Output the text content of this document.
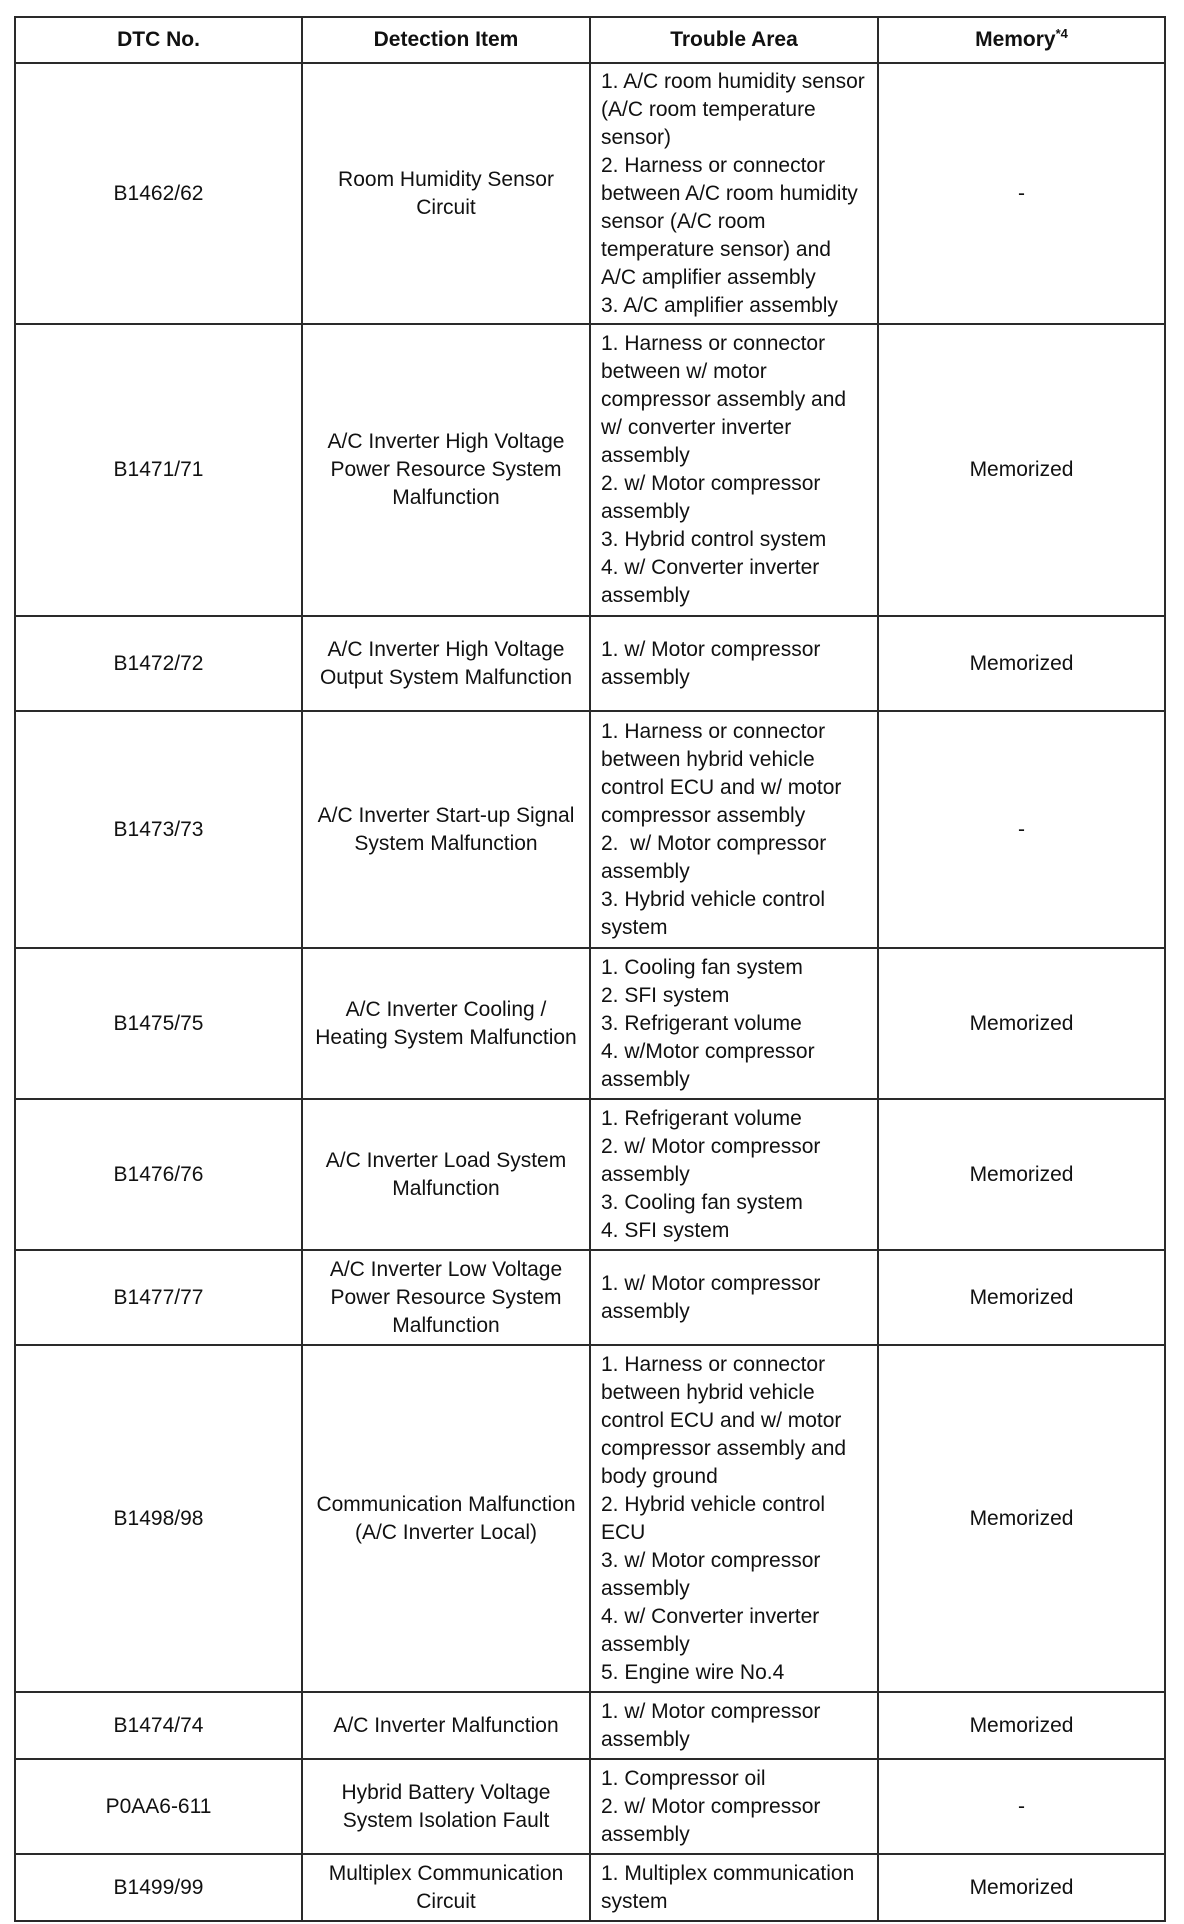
DTC No.	Detection Item	Trouble Area	Memory$^{*4}$
B1462/62	Room Humidity Sensor Circuit	1. A/C room humidity sensor (A/C room temperature sensor)
2. Harness or connector between A/C room humidity sensor (A/C room temperature sensor) and A/C amplifier assembly
3. A/C amplifier assembly	-
B1471/71	A/C Inverter High Voltage Power Resource System Malfunction	1. Harness or connector between w/ motor compressor assembly and w/ converter inverter assembly
2. w/ Motor compressor assembly
3. Hybrid control system
4. w/ Converter inverter assembly	Memorized
B1472/72	A/C Inverter High Voltage Output System Malfunction	1. w/ Motor compressor assembly	Memorized
B1473/73	A/C Inverter Start-up Signal System Malfunction	1. Harness or connector between hybrid vehicle control ECU and w/ motor compressor assembly
2.  w/ Motor compressor assembly
3. Hybrid vehicle control system	-
B1475/75	A/C Inverter Cooling / Heating System Malfunction	1. Cooling fan system
2. SFI system
3. Refrigerant volume
4. w/Motor compressor assembly	Memorized
B1476/76	A/C Inverter Load System Malfunction	1. Refrigerant volume
2. w/ Motor compressor assembly
3. Cooling fan system
4. SFI system	Memorized
B1477/77	A/C Inverter Low Voltage Power Resource System Malfunction	1. w/ Motor compressor assembly	Memorized
B1498/98	Communication Malfunction (A/C Inverter Local)	1. Harness or connector between hybrid vehicle control ECU and w/ motor compressor assembly and body ground
2. Hybrid vehicle control ECU
3. w/ Motor compressor assembly
4. w/ Converter inverter assembly
5. Engine wire No.4	Memorized
B1474/74	A/C Inverter Malfunction	1. w/ Motor compressor assembly	Memorized
P0AA6-611	Hybrid Battery Voltage System Isolation Fault	1. Compressor oil
2. w/ Motor compressor assembly	-
B1499/99	Multiplex Communication Circuit	1. Multiplex communication system	Memorized
